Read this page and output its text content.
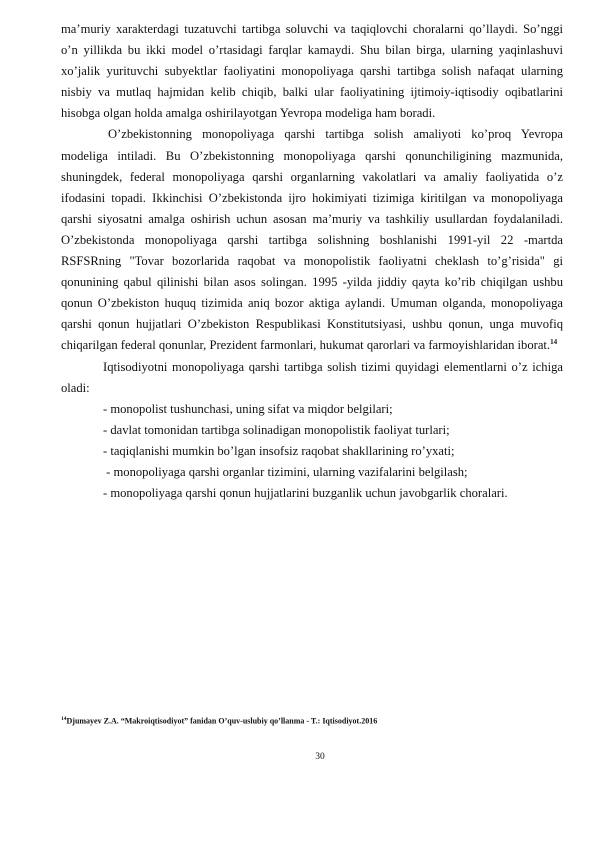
ma’muriy xarakterdagi tuzatuvchi tartibga soluvchi va taqiqlovchi choralarni qo’llaydi. So’nggi o’n yillikda bu ikki model o’rtasidagi farqlar kamaydi. Shu bilan birga, ularning yaqinlashuvi xo’jalik yurituvchi subyektlar faoliyatini monopoliyaga qarshi tartibga solish nafaqat ularning nisbiy va mutlaq hajmidan kelib chiqib, balki ular faoliyatining ijtimoiy-iqtisodiy oqibatlarini hisobga olgan holda amalga oshirilayotgan Yevropa modeliga ham boradi.

O’zbekistonning monopoliyaga qarshi tartibga solish amaliyoti ko’proq Yevropa modeliga intiladi. Bu O’zbekistonning monopoliyaga qarshi qonunchiligining mazmunida, shuningdek, federal monopoliyaga qarshi organlarning vakolatlari va amaliy faoliyatida o’z ifodasini topadi. Ikkinchisi O’zbekistonda ijro hokimiyati tizimiga kiritilgan va monopoliyaga qarshi siyosatni amalga oshirish uchun asosan ma’muriy va tashkiliy usullardan foydalaniladi. O’zbekistonda monopoliyaga qarshi tartibga solishning boshlanishi 1991-yil 22 -martda RSFSRning "Tovar bozorlarida raqobat va monopolistik faoliyatni cheklash to’g’risida" gi qonunining qabul qilinishi bilan asos solingan. 1995 -yilda jiddiy qayta ko’rib chiqilgan ushbu qonun O’zbekiston huquq tizimida aniq bozor aktiga aylandi. Umuman olganda, monopoliyaga qarshi qonun hujjatlari O’zbekiston Respublikasi Konstitutsiyasi, ushbu qonun, unga muvofiq chiqarilgan federal qonunlar, Prezident farmonlari, hukumat qarorlari va farmoyishlaridan iborat.$^{14}$

Iqtisodiyotni monopoliyaga qarshi tartibga solish tizimi quyidagi elementlarni o’z ichiga oladi:

- monopolist tushunchasi, uning sifat va miqdor belgilari;

- davlat tomonidan tartibga solinadigan monopolistik faoliyat turlari;

- taqiqlanishi mumkin bo’lgan insofsiz raqobat shakllarining ro’yxati;

- monopoliyaga qarshi organlar tizimini, ularning vazifalarini belgilash;

- monopoliyaga qarshi qonun hujjatlarini buzganlik uchun javobgarlik choralari.

$^{14}$Djumayev Z.A. “Makroiqtisodiyot” fanidan O’quv-uslubiy qo’llanma - T.: Iqtisodiyot.2016
30
